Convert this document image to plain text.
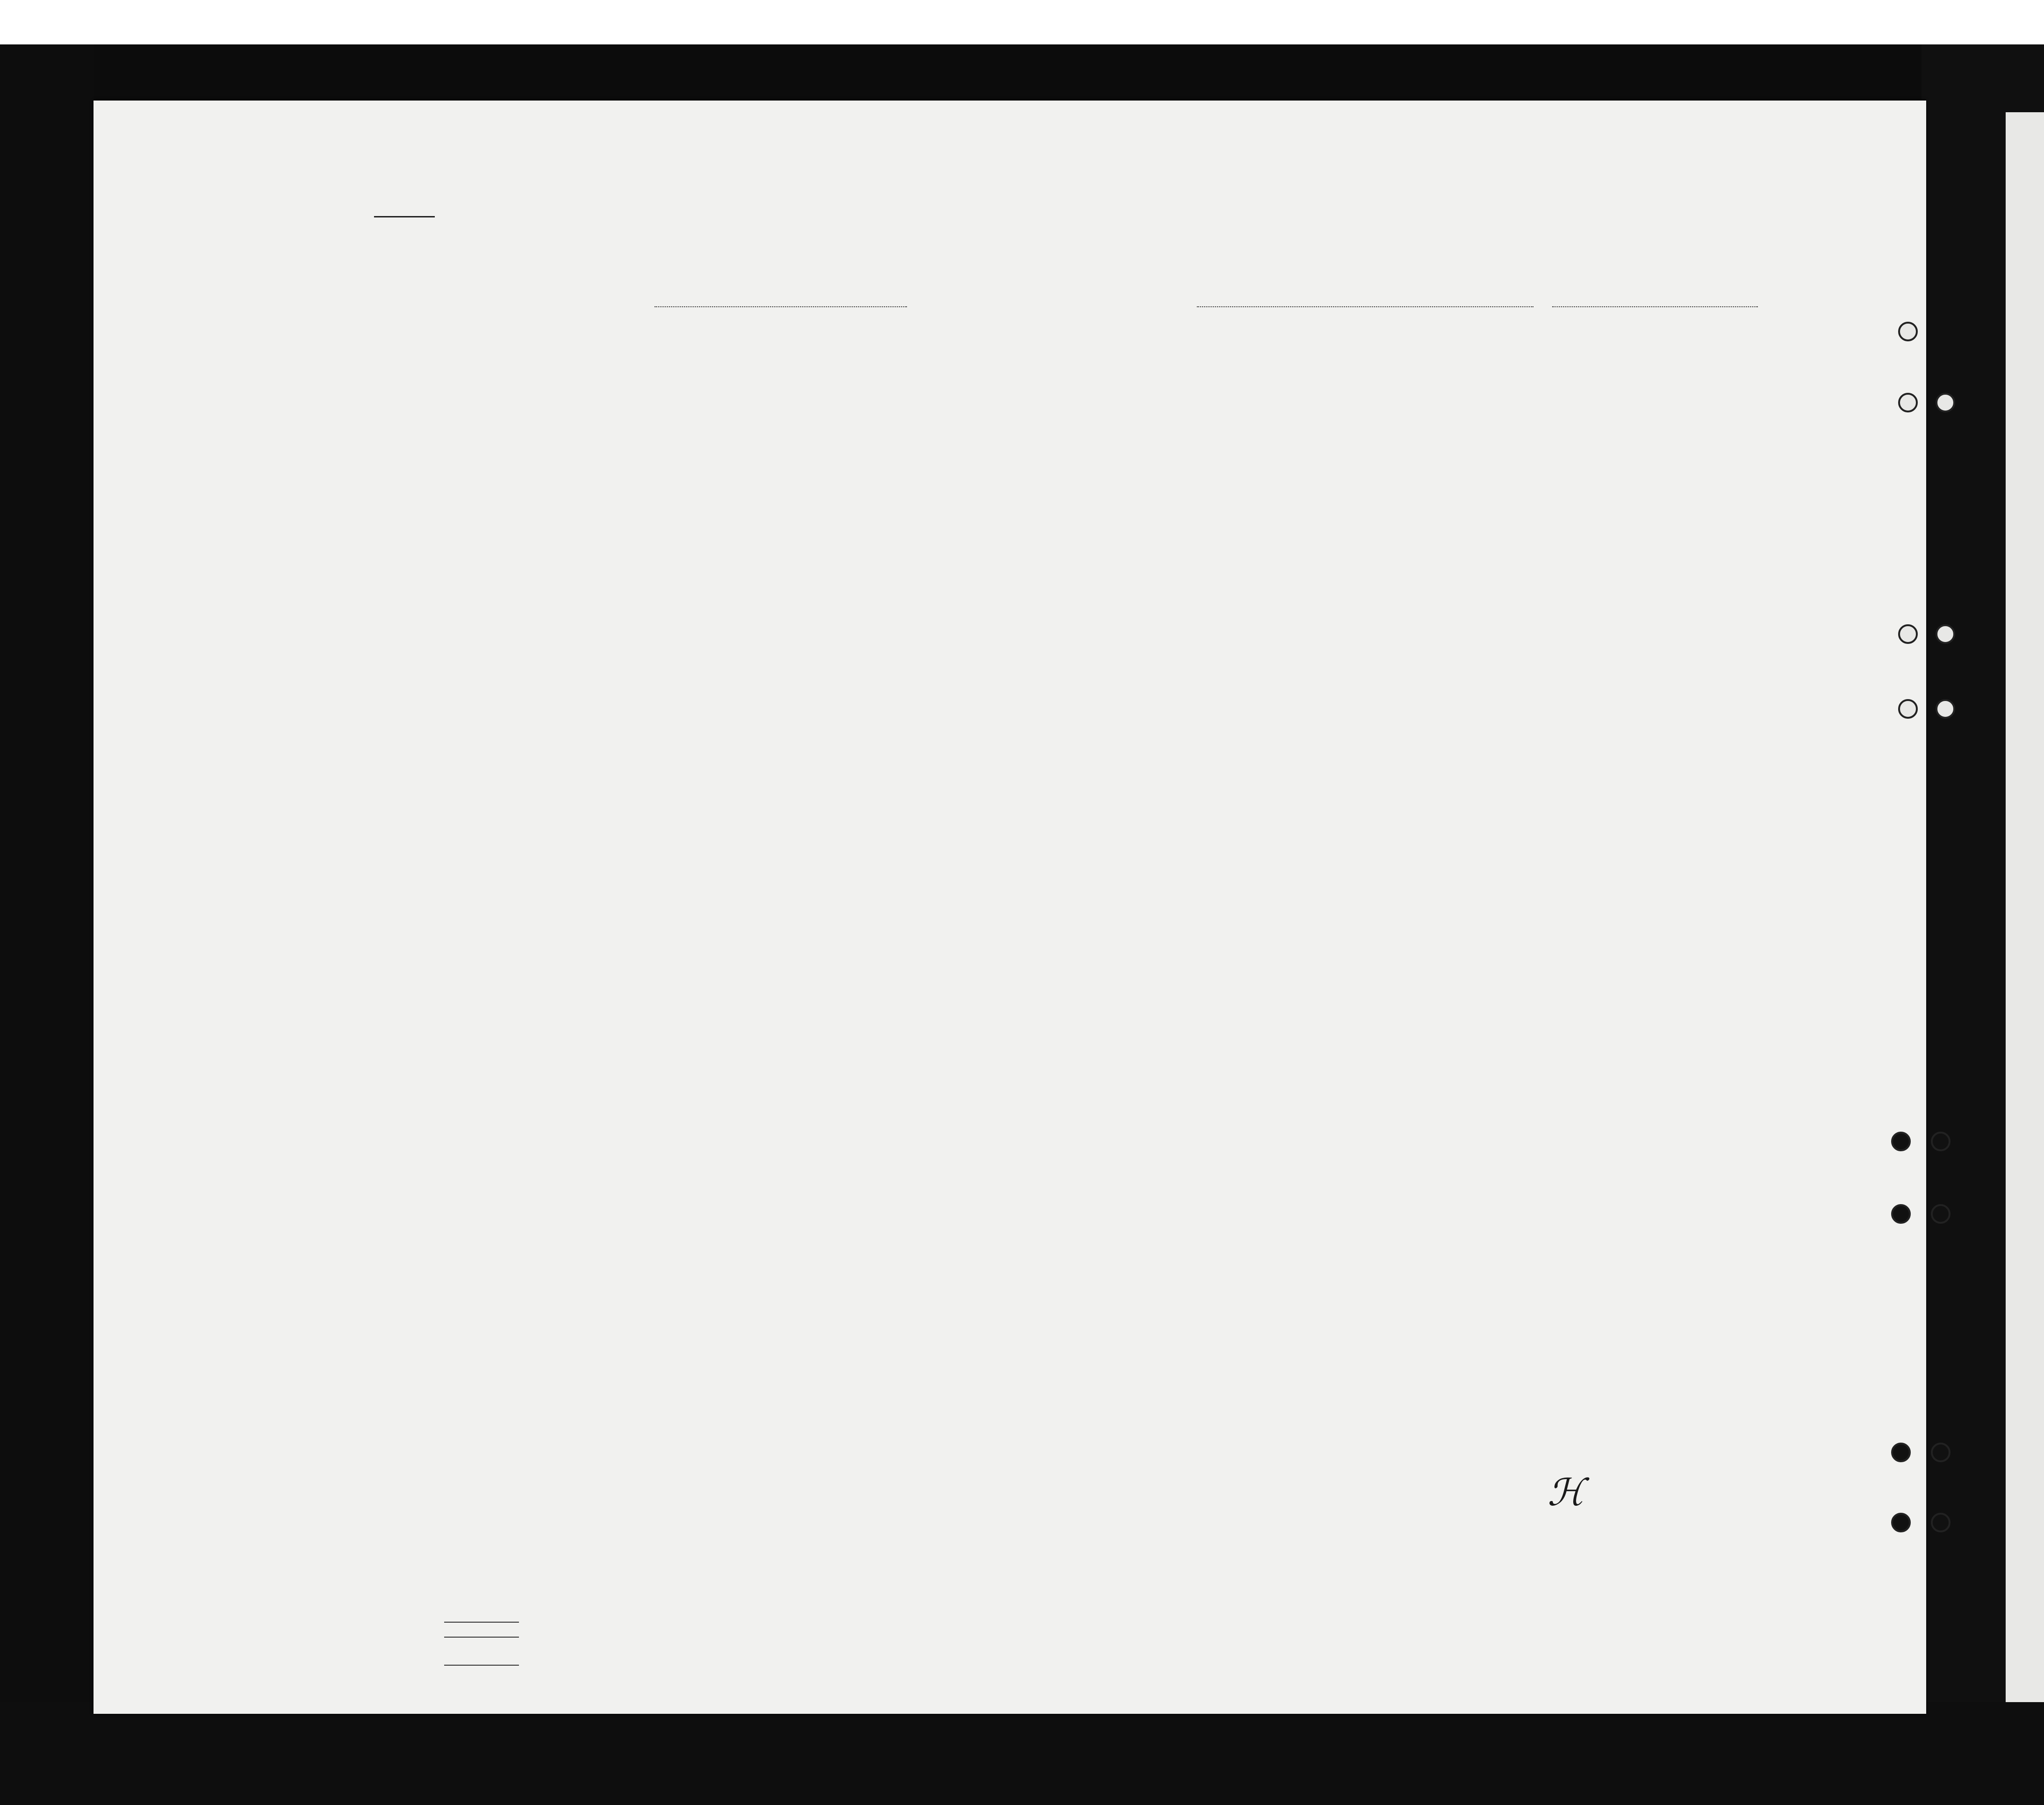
ℋ
